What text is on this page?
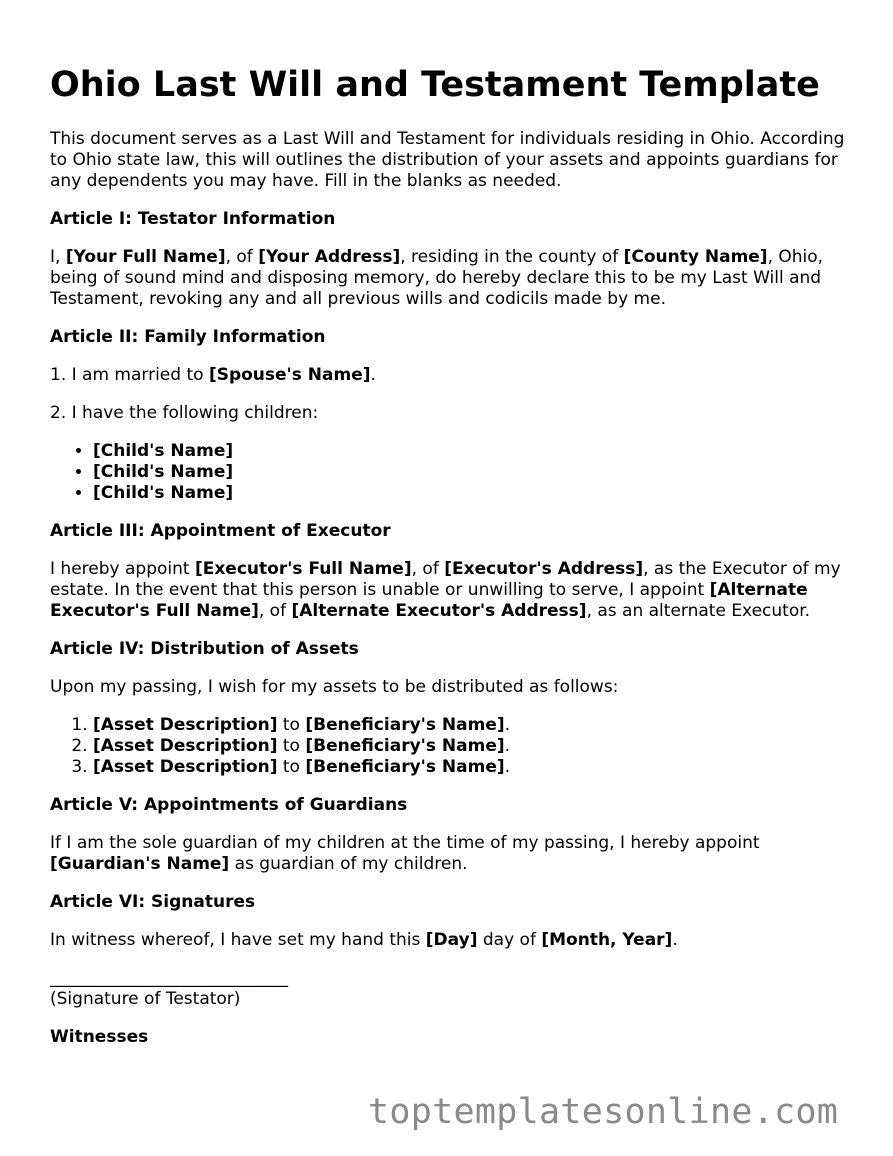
Ohio Last Will and Testament Template

This document serves as a Last Will and Testament for individuals residing in Ohio. According to Ohio state law, this will outlines the distribution of your assets and appoints guardians for any dependents you may have. Fill in the blanks as needed.

Article I: Testator Information

I, [Your Full Name], of [Your Address], residing in the county of [County Name], Ohio, being of sound mind and disposing memory, do hereby declare this to be my Last Will and Testament, revoking any and all previous wills and codicils made by me.

Article II: Family Information

1. I am married to [Spouse's Name].

2. I have the following children:

• [Child's Name]
• [Child's Name]
• [Child's Name]
Article III: Appointment of Executor

I hereby appoint [Executor's Full Name], of [Executor's Address], as the Executor of my estate. In the event that this person is unable or unwilling to serve, I appoint [Alternate Executor's Full Name], of [Alternate Executor's Address], as an alternate Executor.

Article IV: Distribution of Assets

Upon my passing, I wish for my assets to be distributed as follows:

1. [Asset Description] to [Beneficiary's Name].
2. [Asset Description] to [Beneficiary's Name].
3. [Asset Description] to [Beneficiary's Name].
Article V: Appointments of Guardians

If I am the sole guardian of my children at the time of my passing, I hereby appoint [Guardian's Name] as guardian of my children.

Article VI: Signatures

In witness whereof, I have set my hand this [Day] day of [Month, Year].

____________________________
(Signature of Testator)

Witnesses
toptemplatesonline.com
